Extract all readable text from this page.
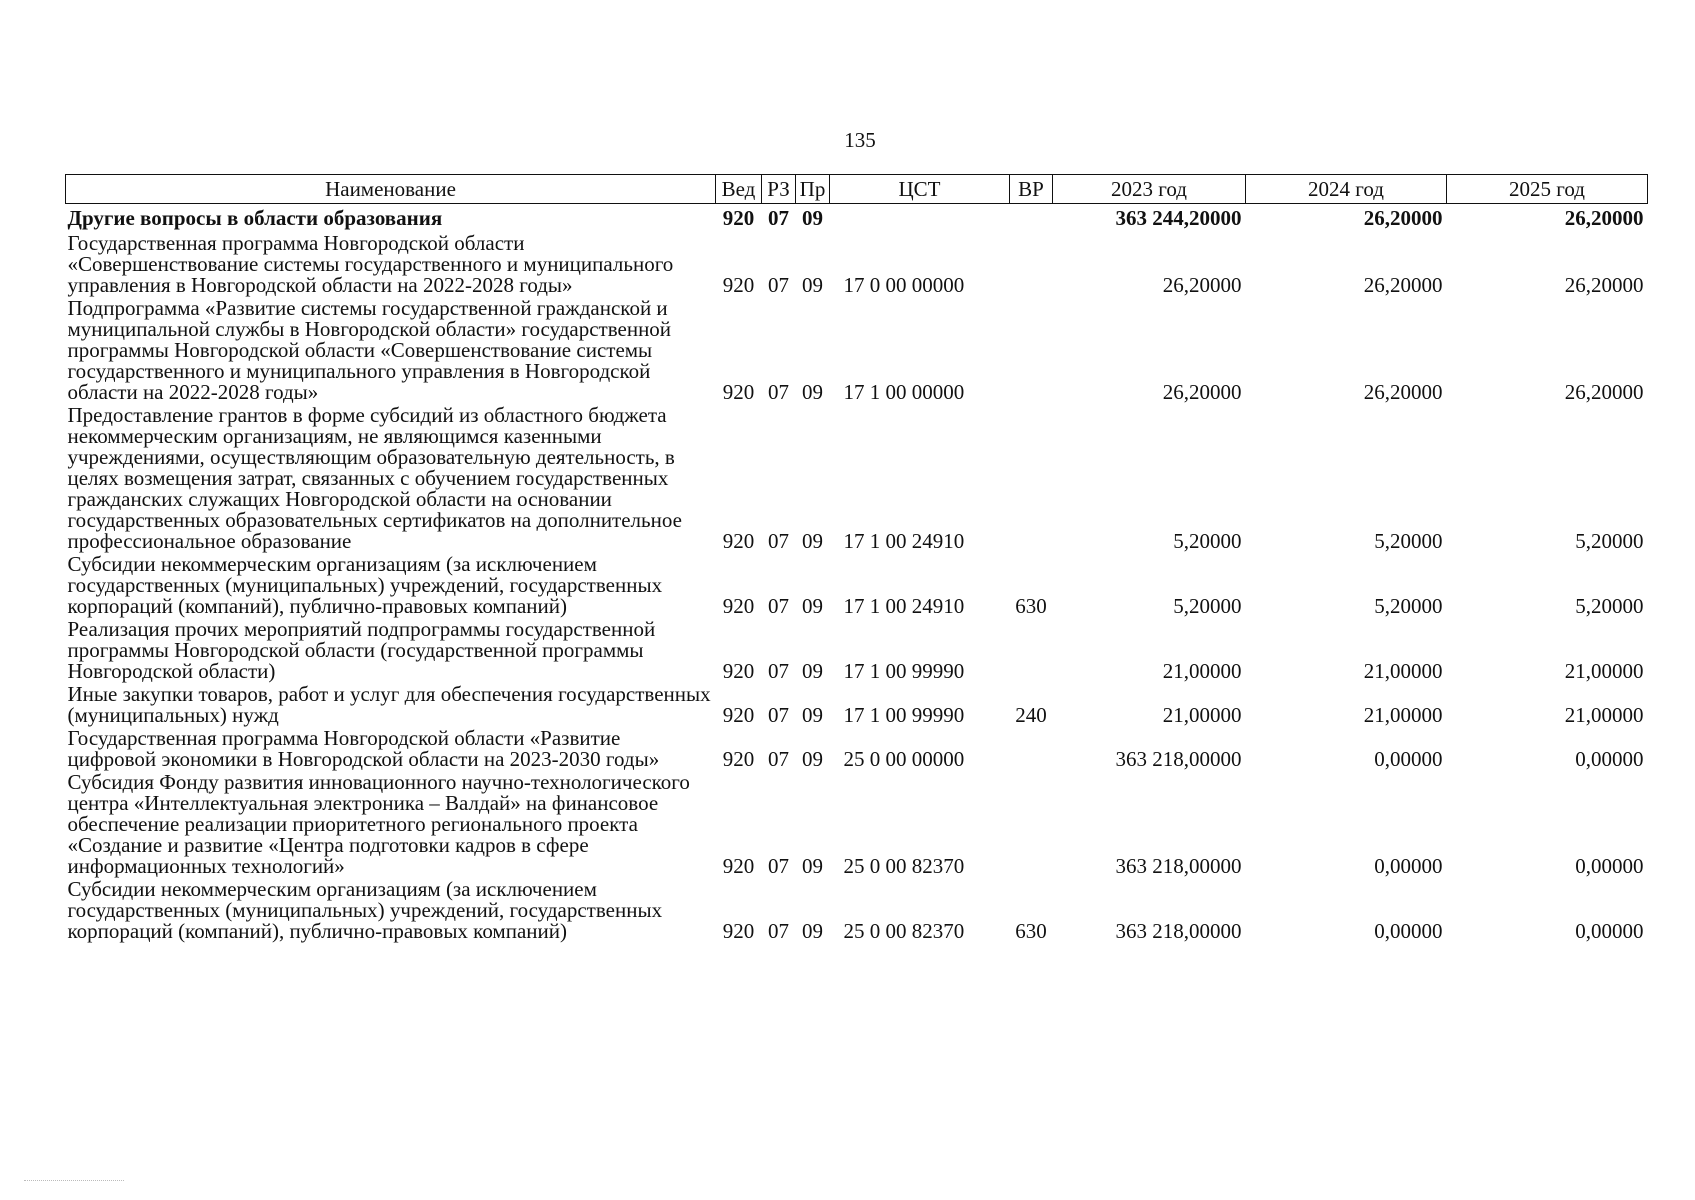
135
Наименование	Вед	РЗ	Пр	ЦСТ	ВР	2023 год	2024 год	2025 год
Другие вопросы в области образования	920	07	09			363 244,20000	26,20000	26,20000
Государственная программа Новгородской области «Совершенствование системы государственного и муниципального управления в Новгородской области на 2022-2028 годы»	920	07	09	17 0 00 00000		26,20000	26,20000	26,20000
Подпрограмма «Развитие системы государственной гражданской и муниципальной службы в Новгородской области» государственной программы Новгородской области «Совершенствование системы государственного и муниципального управления в Новгородской области на 2022-2028 годы»	920	07	09	17 1 00 00000		26,20000	26,20000	26,20000
Предоставление грантов в форме субсидий из областного бюджета некоммерческим организациям, не являющимся казенными учреждениями, осуществляющим образовательную деятельность, в целях возмещения затрат, связанных с обучением государственных гражданских служащих Новгородской области на основании государственных образовательных сертификатов на дополнительное профессиональное образование	920	07	09	17 1 00 24910		5,20000	5,20000	5,20000
Субсидии некоммерческим организациям (за исключением государственных (муниципальных) учреждений, государственных корпораций (компаний), публично-правовых компаний)	920	07	09	17 1 00 24910	630	5,20000	5,20000	5,20000
Реализация прочих мероприятий подпрограммы государственной программы Новгородской области (государственной программы Новгородской области)	920	07	09	17 1 00 99990		21,00000	21,00000	21,00000
Иные закупки товаров, работ и услуг для обеспечения государственных (муниципальных) нужд	920	07	09	17 1 00 99990	240	21,00000	21,00000	21,00000
Государственная программа Новгородской области «Развитие цифровой экономики в Новгородской области на 2023-2030 годы»	920	07	09	25 0 00 00000		363 218,00000	0,00000	0,00000
Субсидия Фонду развития инновационного научно-технологического центра «Интеллектуальная электроника – Валдай» на финансовое обеспечение реализации приоритетного регионального проекта «Создание и развитие «Центра подготовки кадров в сфере информационных технологий»	920	07	09	25 0 00 82370		363 218,00000	0,00000	0,00000
Субсидии некоммерческим организациям (за исключением государственных (муниципальных) учреждений, государственных корпораций (компаний), публично-правовых компаний)	920	07	09	25 0 00 82370	630	363 218,00000	0,00000	0,00000
